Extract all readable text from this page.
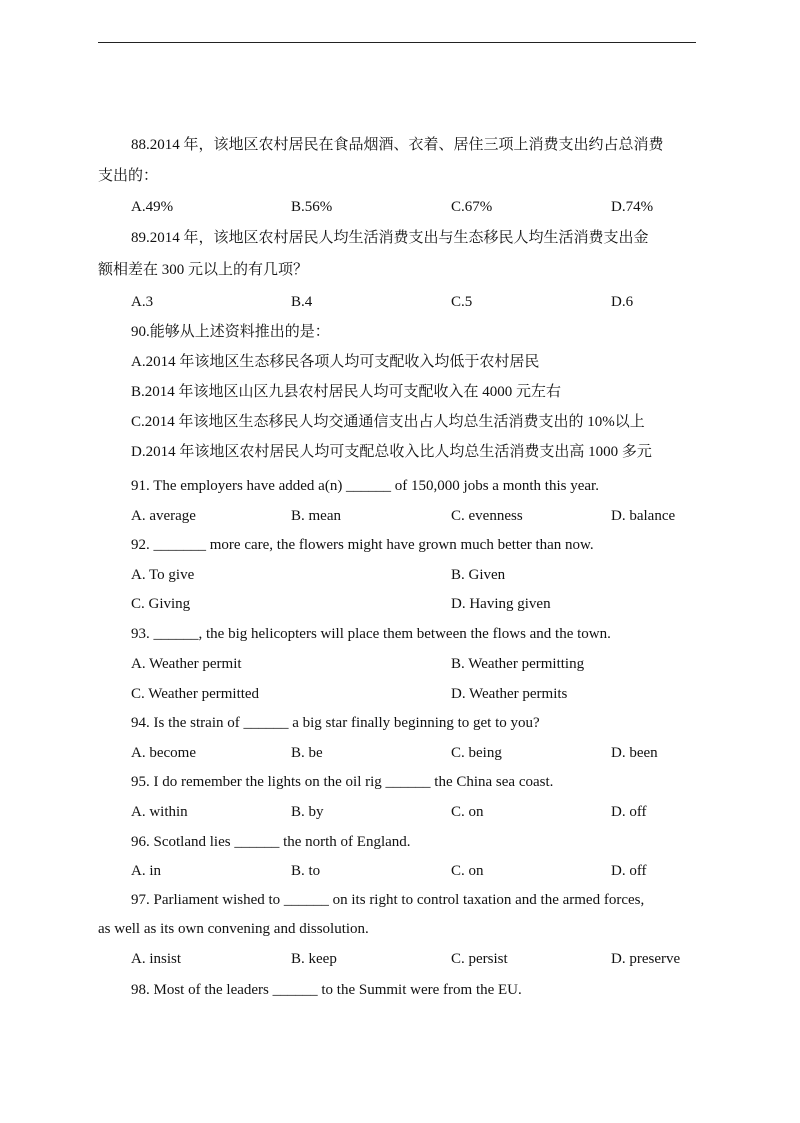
88.2014 年，该地区农村居民在食品烟酒、衣着、居住三项上消费支出约占总消费
支出的：
A.49%	B.56%	C.67%	D.74%
89.2014 年，该地区农村居民人均生活消费支出与生态移民人均生活消费支出金
额相差在 300 元以上的有几项？
A.3	B.4	C.5	D.6
90.能够从上述资料推出的是：
A.2014 年该地区生态移民各项人均可支配收入均低于农村居民
B.2014 年该地区山区九县农村居民人均可支配收入在 4000 元左右
C.2014 年该地区生态移民人均交通通信支出占人均总生活消费支出的 10%以上
D.2014 年该地区农村居民人均可支配总收入比人均总生活消费支出高 1000 多元
91. The employers have added a(n) ______ of 150,000 jobs a month this year.
A. average	B. mean	C. evenness	D. balance
92. _______ more care, the flowers might have grown much better than now.
A. To give	B. Given
C. Giving	D. Having given
93. ______, the big helicopters will place them between the flows and the town.
A. Weather permit	B. Weather permitting
C. Weather permitted	D. Weather permits
94. Is the strain of ______ a big star finally beginning to get to you?
A. become	B. be	C. being	D. been
95. I do remember the lights on the oil rig ______ the China sea coast.
A. within	B. by	C. on	D. off
96. Scotland lies ______ the north of England.
A. in	B. to	C. on	D. off
97. Parliament wished to ______ on its right to control taxation and the armed forces,
as well as its own convening and dissolution.
A. insist	B. keep	C. persist	D. preserve
98. Most of the leaders ______ to the Summit were from the EU.
